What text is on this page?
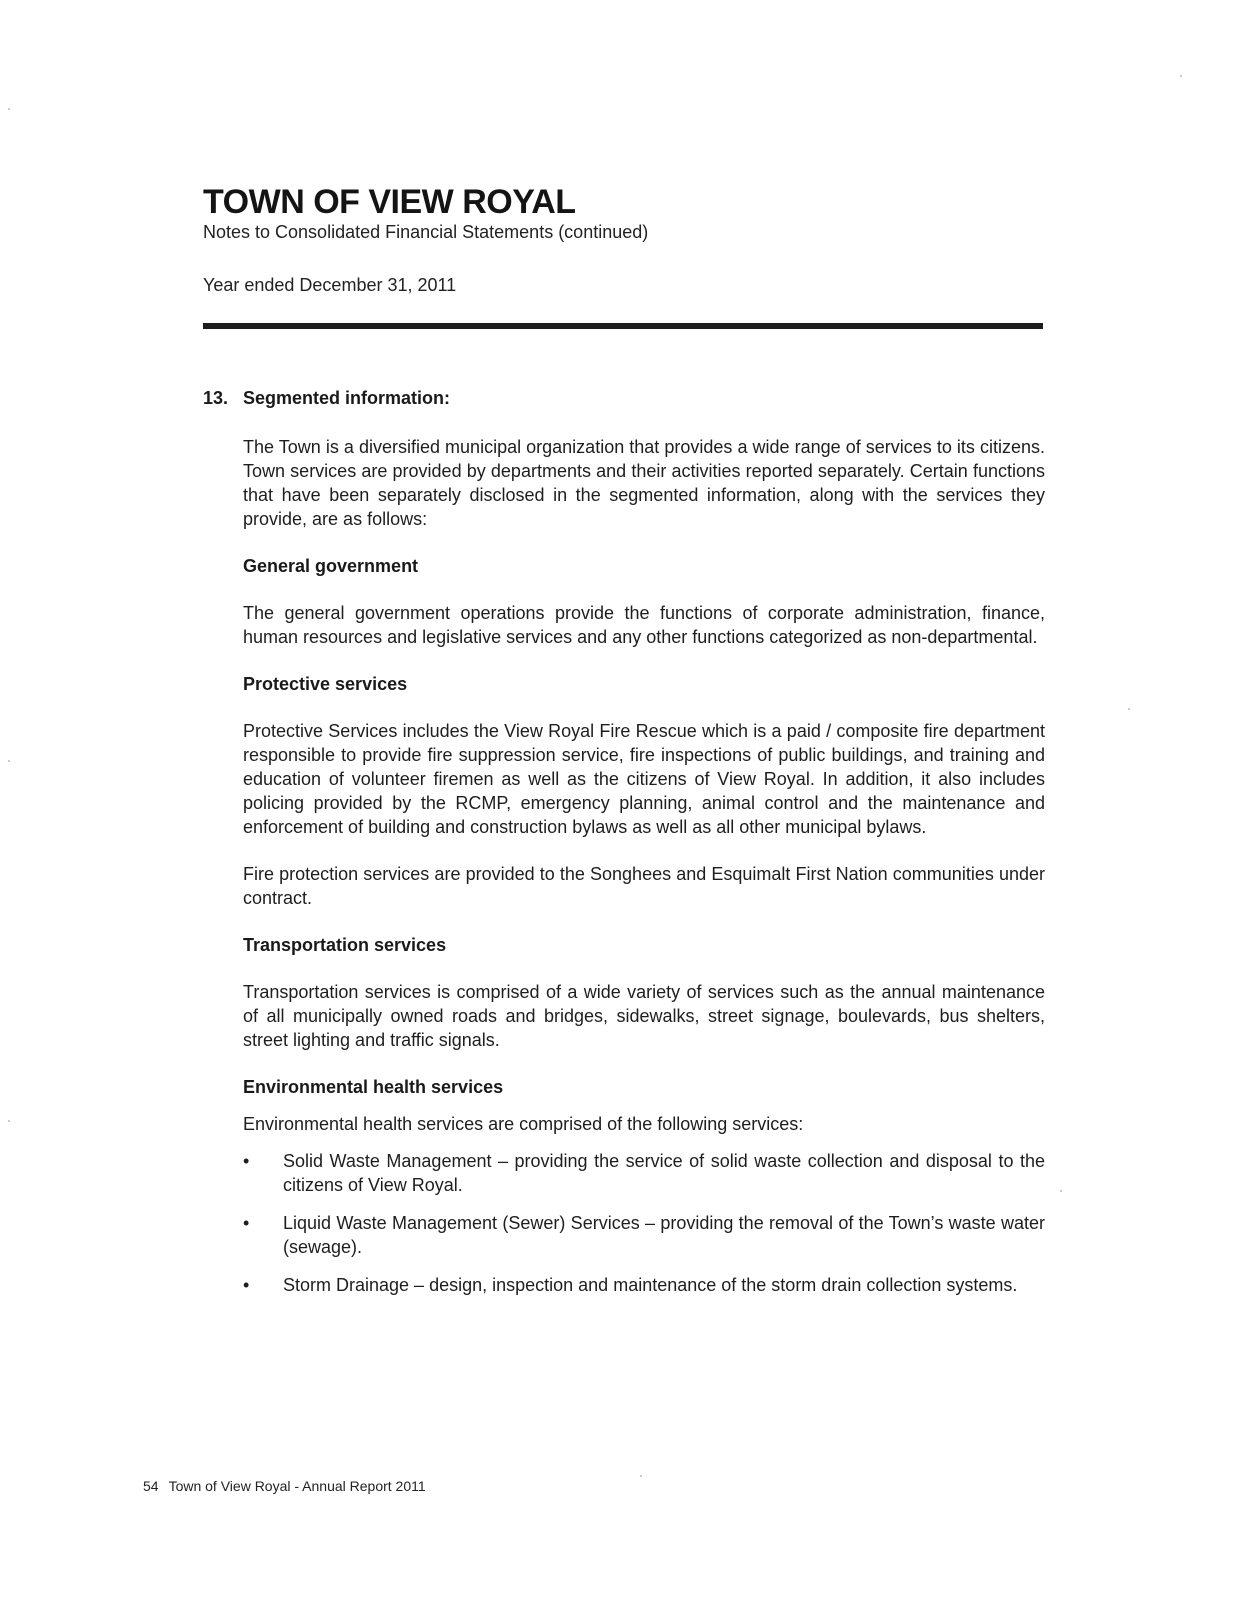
TOWN OF VIEW ROYAL
Notes to Consolidated Financial Statements (continued)
Year ended December 31, 2011
13. Segmented information:

The Town is a diversified municipal organization that provides a wide range of services to its citizens. Town services are provided by departments and their activities reported separately. Certain functions that have been separately disclosed in the segmented information, along with the services they provide, are as follows:

General government

The general government operations provide the functions of corporate administration, finance, human resources and legislative services and any other functions categorized as non-departmental.

Protective services

Protective Services includes the View Royal Fire Rescue which is a paid / composite fire department responsible to provide fire suppression service, fire inspections of public buildings, and training and education of volunteer firemen as well as the citizens of View Royal. In addition, it also includes policing provided by the RCMP, emergency planning, animal control and the maintenance and enforcement of building and construction bylaws as well as all other municipal bylaws.

Fire protection services are provided to the Songhees and Esquimalt First Nation communities under contract.

Transportation services

Transportation services is comprised of a wide variety of services such as the annual maintenance of all municipally owned roads and bridges, sidewalks, street signage, boulevards, bus shelters, street lighting and traffic signals.

Environmental health services

Environmental health services are comprised of the following services:

• Solid Waste Management – providing the service of solid waste collection and disposal to the citizens of View Royal.
• Liquid Waste Management (Sewer) Services – providing the removal of the Town’s waste water (sewage).
• Storm Drainage – design, inspection and maintenance of the storm drain collection systems.
54 Town of View Royal - Annual Report 2011
